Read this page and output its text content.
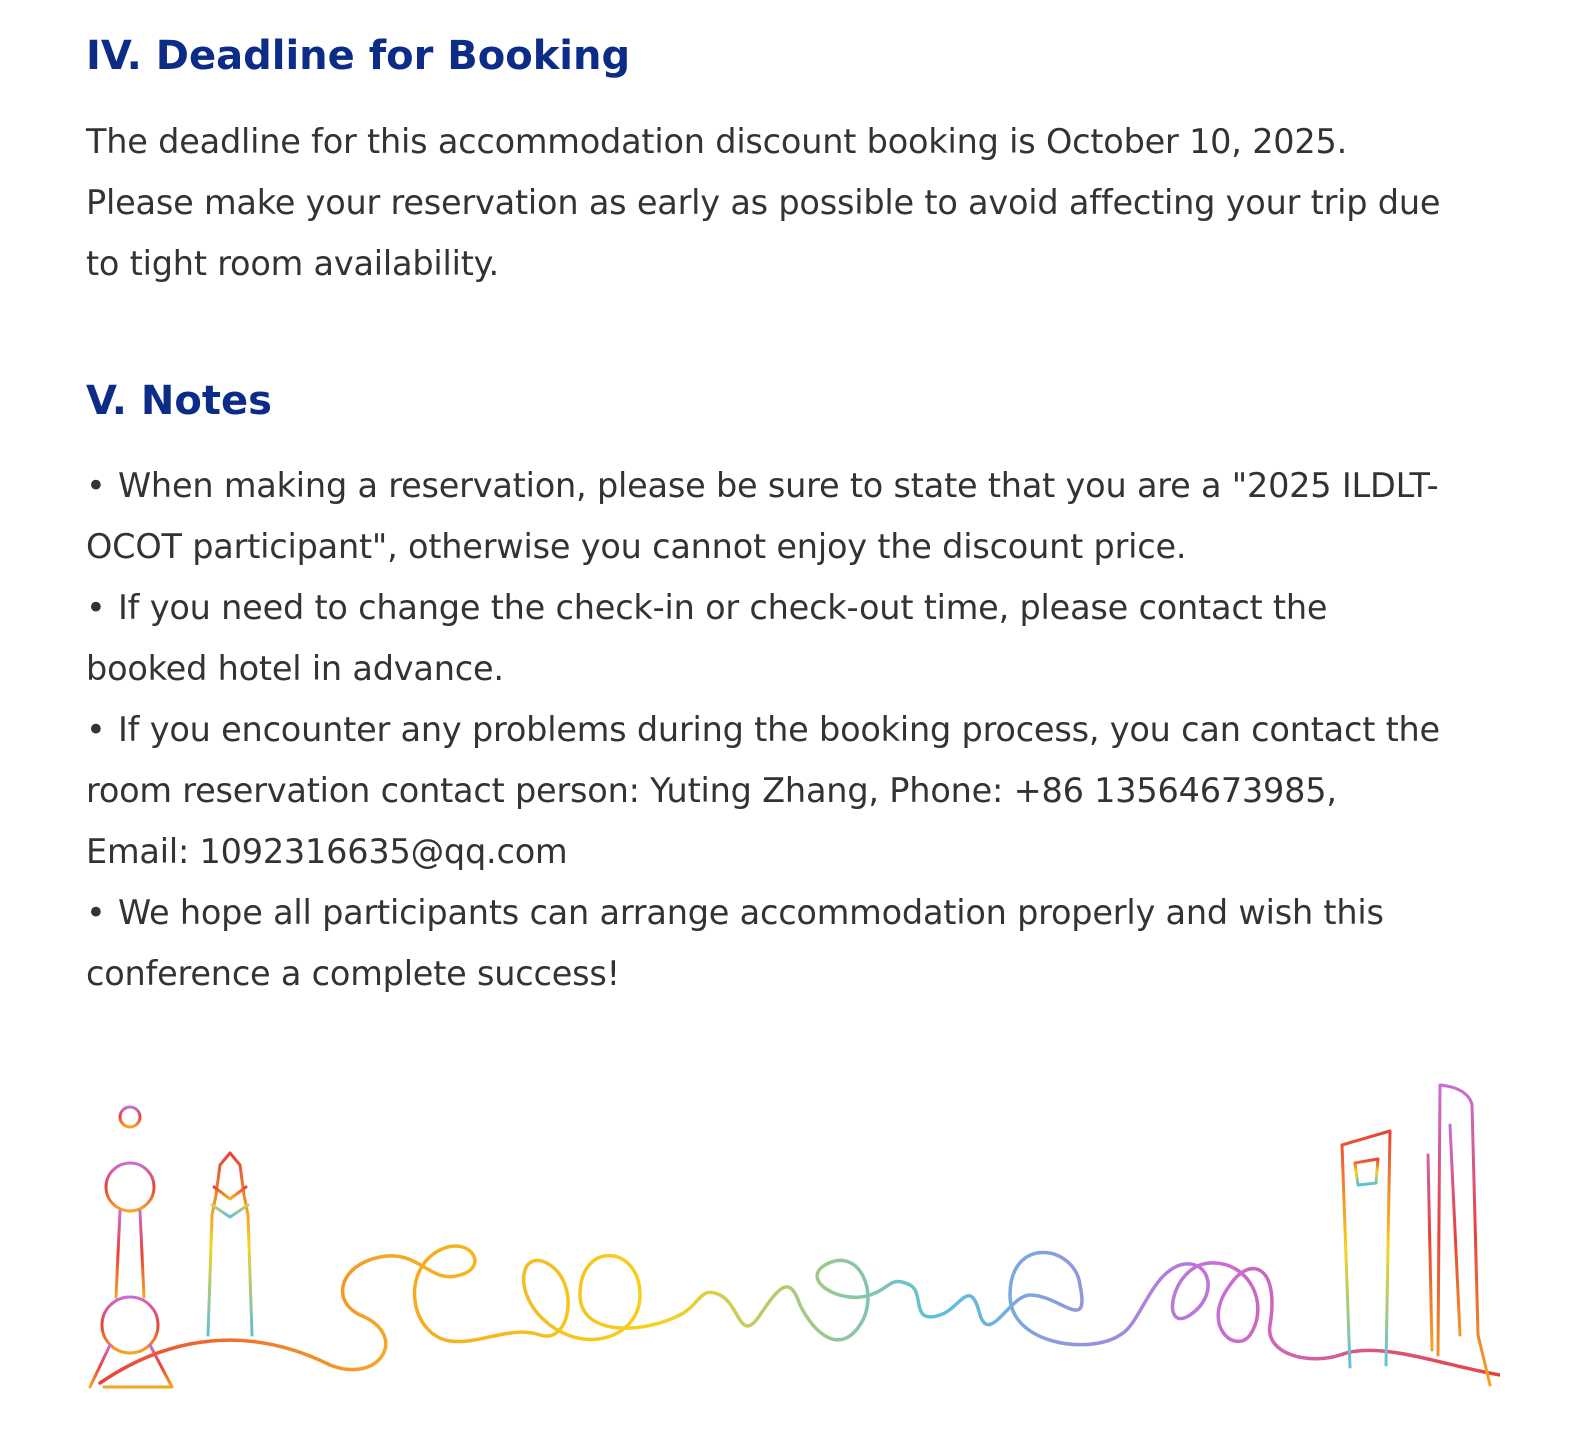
IV. Deadline for Booking

The deadline for this accommodation discount booking is October 10, 2025. Please make your reservation as early as possible to avoid affecting your trip due to tight room availability.

V. Notes

• When making a reservation, please be sure to state that you are a "2025 ILDLT-OCOT participant", otherwise you cannot enjoy the discount price.

• If you need to change the check-in or check-out time, please contact the booked hotel in advance.

• If you encounter any problems during the booking process, you can contact the room reservation contact person: Yuting Zhang, Phone: +86 13564673985, Email: 1092316635@qq.com

• We hope all participants can arrange accommodation properly and wish this conference a complete success!
